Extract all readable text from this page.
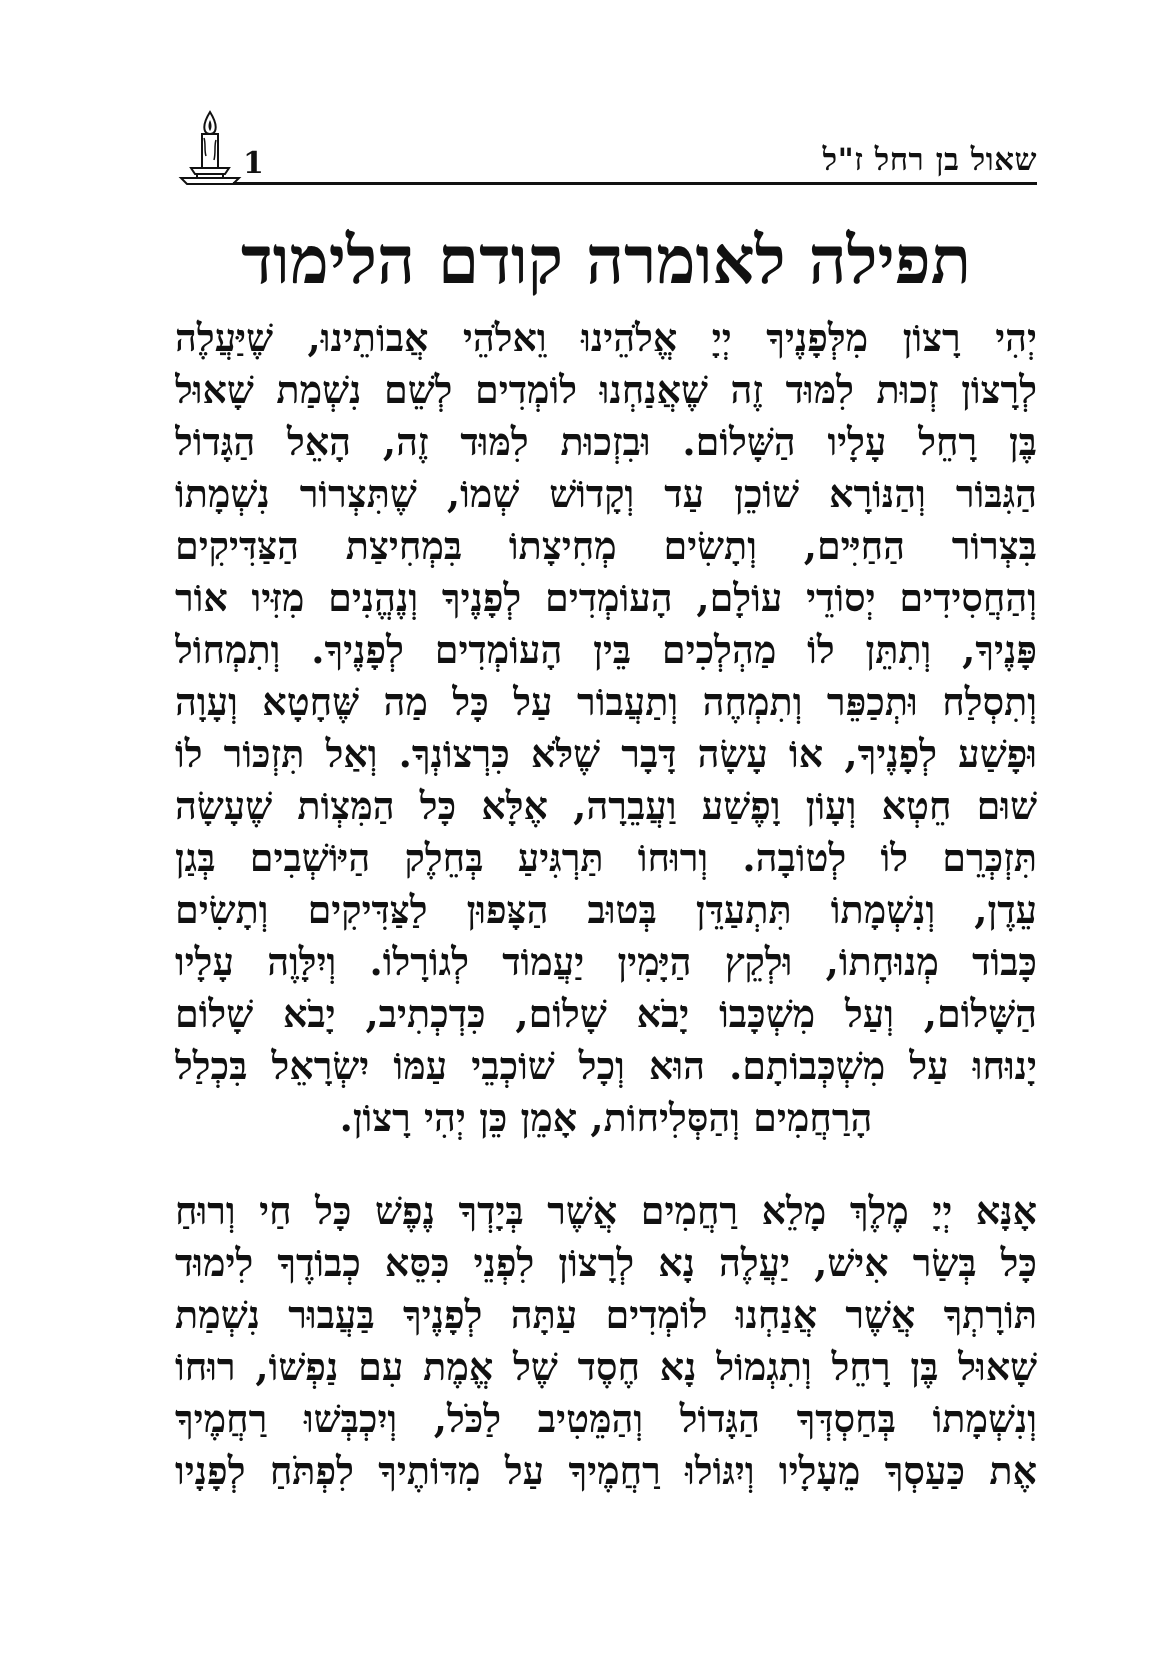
1	שאול בן רחל ז"ל
תפילה לאומרה קודם הלימוד

יְהִי רָצוֹן מִלְּפָנֶיךָ יְיָ אֱלֹהֵינוּ וֵאלֹהֵי אֲבוֹתֵינוּ, שֶׁיַּעֲלֶה
לְרָצוֹן זְכוּת לִמּוּד זֶה שֶׁאֲנַחְנוּ לוֹמְדִים לְשֵׁם נִשְׁמַת שָׁאוּל
בֶּן רָחֵל עָלָיו הַשָּׁלוֹם. וּבִזְכוּת לִמּוּד זֶה, הָאֵל הַגָּדוֹל
הַגִּבּוֹר וְהַנּוֹרָא שׁוֹכֵן עַד וְקָדוֹשׁ שְׁמוֹ, שֶׁתִּצְרוֹר נִשְׁמָתוֹ
בִּצְרוֹר הַחַיִּים, וְתָשִׂים מְחִיצָתוֹ בִּמְחִיצַת הַצַּדִּיקִים
וְהַחֲסִידִים יְסוֹדֵי עוֹלָם, הָעוֹמְדִים לְפָנֶיךָ וְנֶהֱנִים מִזִּיו אוֹר
פָּנֶיךָ, וְתִתֵּן לוֹ מַהְלְכִים בֵּין הָעוֹמְדִים לְפָנֶיךָ. וְתִמְחוֹל
וְתִסְלַח וּתְכַפֵּר וְתִמְחֶה וְתַעֲבוֹר עַל כָּל מַה שֶּׁחָטָא וְעָוָה
וּפָשַׁע לְפָנֶיךָ, אוֹ עָשָׂה דָּבָר שֶׁלֹּא כִּרְצוֹנְךָ. וְאַל תִּזְכּוֹר לוֹ
שׁוּם חֵטְא וְעָוֹן וָפֶשַׁע וַעֲבֵרָה, אֶלָּא כָּל הַמִּצְוֹת שֶׁעָשָׂה
תִּזְכְּרֵם לוֹ לְטוֹבָה. וְרוּחוֹ תַּרְגִּיעַ בְּחֵלֶק הַיּוֹשְׁבִים בְּגַן
עֵדֶן, וְנִשְׁמָתוֹ תִּתְעַדֵּן בְּטוּב הַצָּפוּן לַצַּדִּיקִים וְתָשִׂים
כָּבוֹד מְנוּחָתוֹ, וּלְקֵץ הַיָּמִין יַעֲמוֹד לְגוֹרָלוֹ. וְיִלָּוֶה עָלָיו
הַשָּׁלוֹם, וְעַל מִשְׁכָּבוֹ יָבֹא שָׁלוֹם, כִּדְכְתִיב, יָבֹא שָׁלוֹם
יָנוּחוּ עַל מִשְׁכְּבוֹתָם. הוּא וְכָל שׁוֹכְבֵי עַמּוֹ יִשְׂרָאֵל בִּכְלַל
הָרַחֲמִים וְהַסְּלִיחוֹת, אָמֵן כֵּן יְהִי רָצוֹן.

אָנָּא יְיָ מֶלֶךְ מָלֵא רַחֲמִים אֲשֶׁר בְּיָדְךָ נֶפֶשׁ כָּל חַי וְרוּחַ
כָּל בְּשַׂר אִישׁ, יַעֲלֶה נָא לְרָצוֹן לִפְנֵי כִּסֵּא כְבוֹדֶךָ לִימוּד
תּוֹרָתְךָ אֲשֶׁר אֲנַחְנוּ לוֹמְדִים עַתָּה לְפָנֶיךָ בַּעֲבוּר נִשְׁמַת
שָׁאוּל בֶּן רָחֵל וְתִגְמוֹל נָא חֶסֶד שֶׁל אֱמֶת עִם נַפְשׁוֹ, רוּחוֹ
וְנִשְׁמָתוֹ בְּחַסְדְּךָ הַגָּדוֹל וְהַמֵּטִיב לַכֹּל, וְיִכְבְּשׁוּ רַחֲמֶיךָ
אֶת כַּעַסְךָ מֵעָלָיו וְיִגּוֹלוּ רַחֲמֶיךָ עַל מִדּוֹתֶיךָ לִפְתֹּחַ לְפָנָיו
